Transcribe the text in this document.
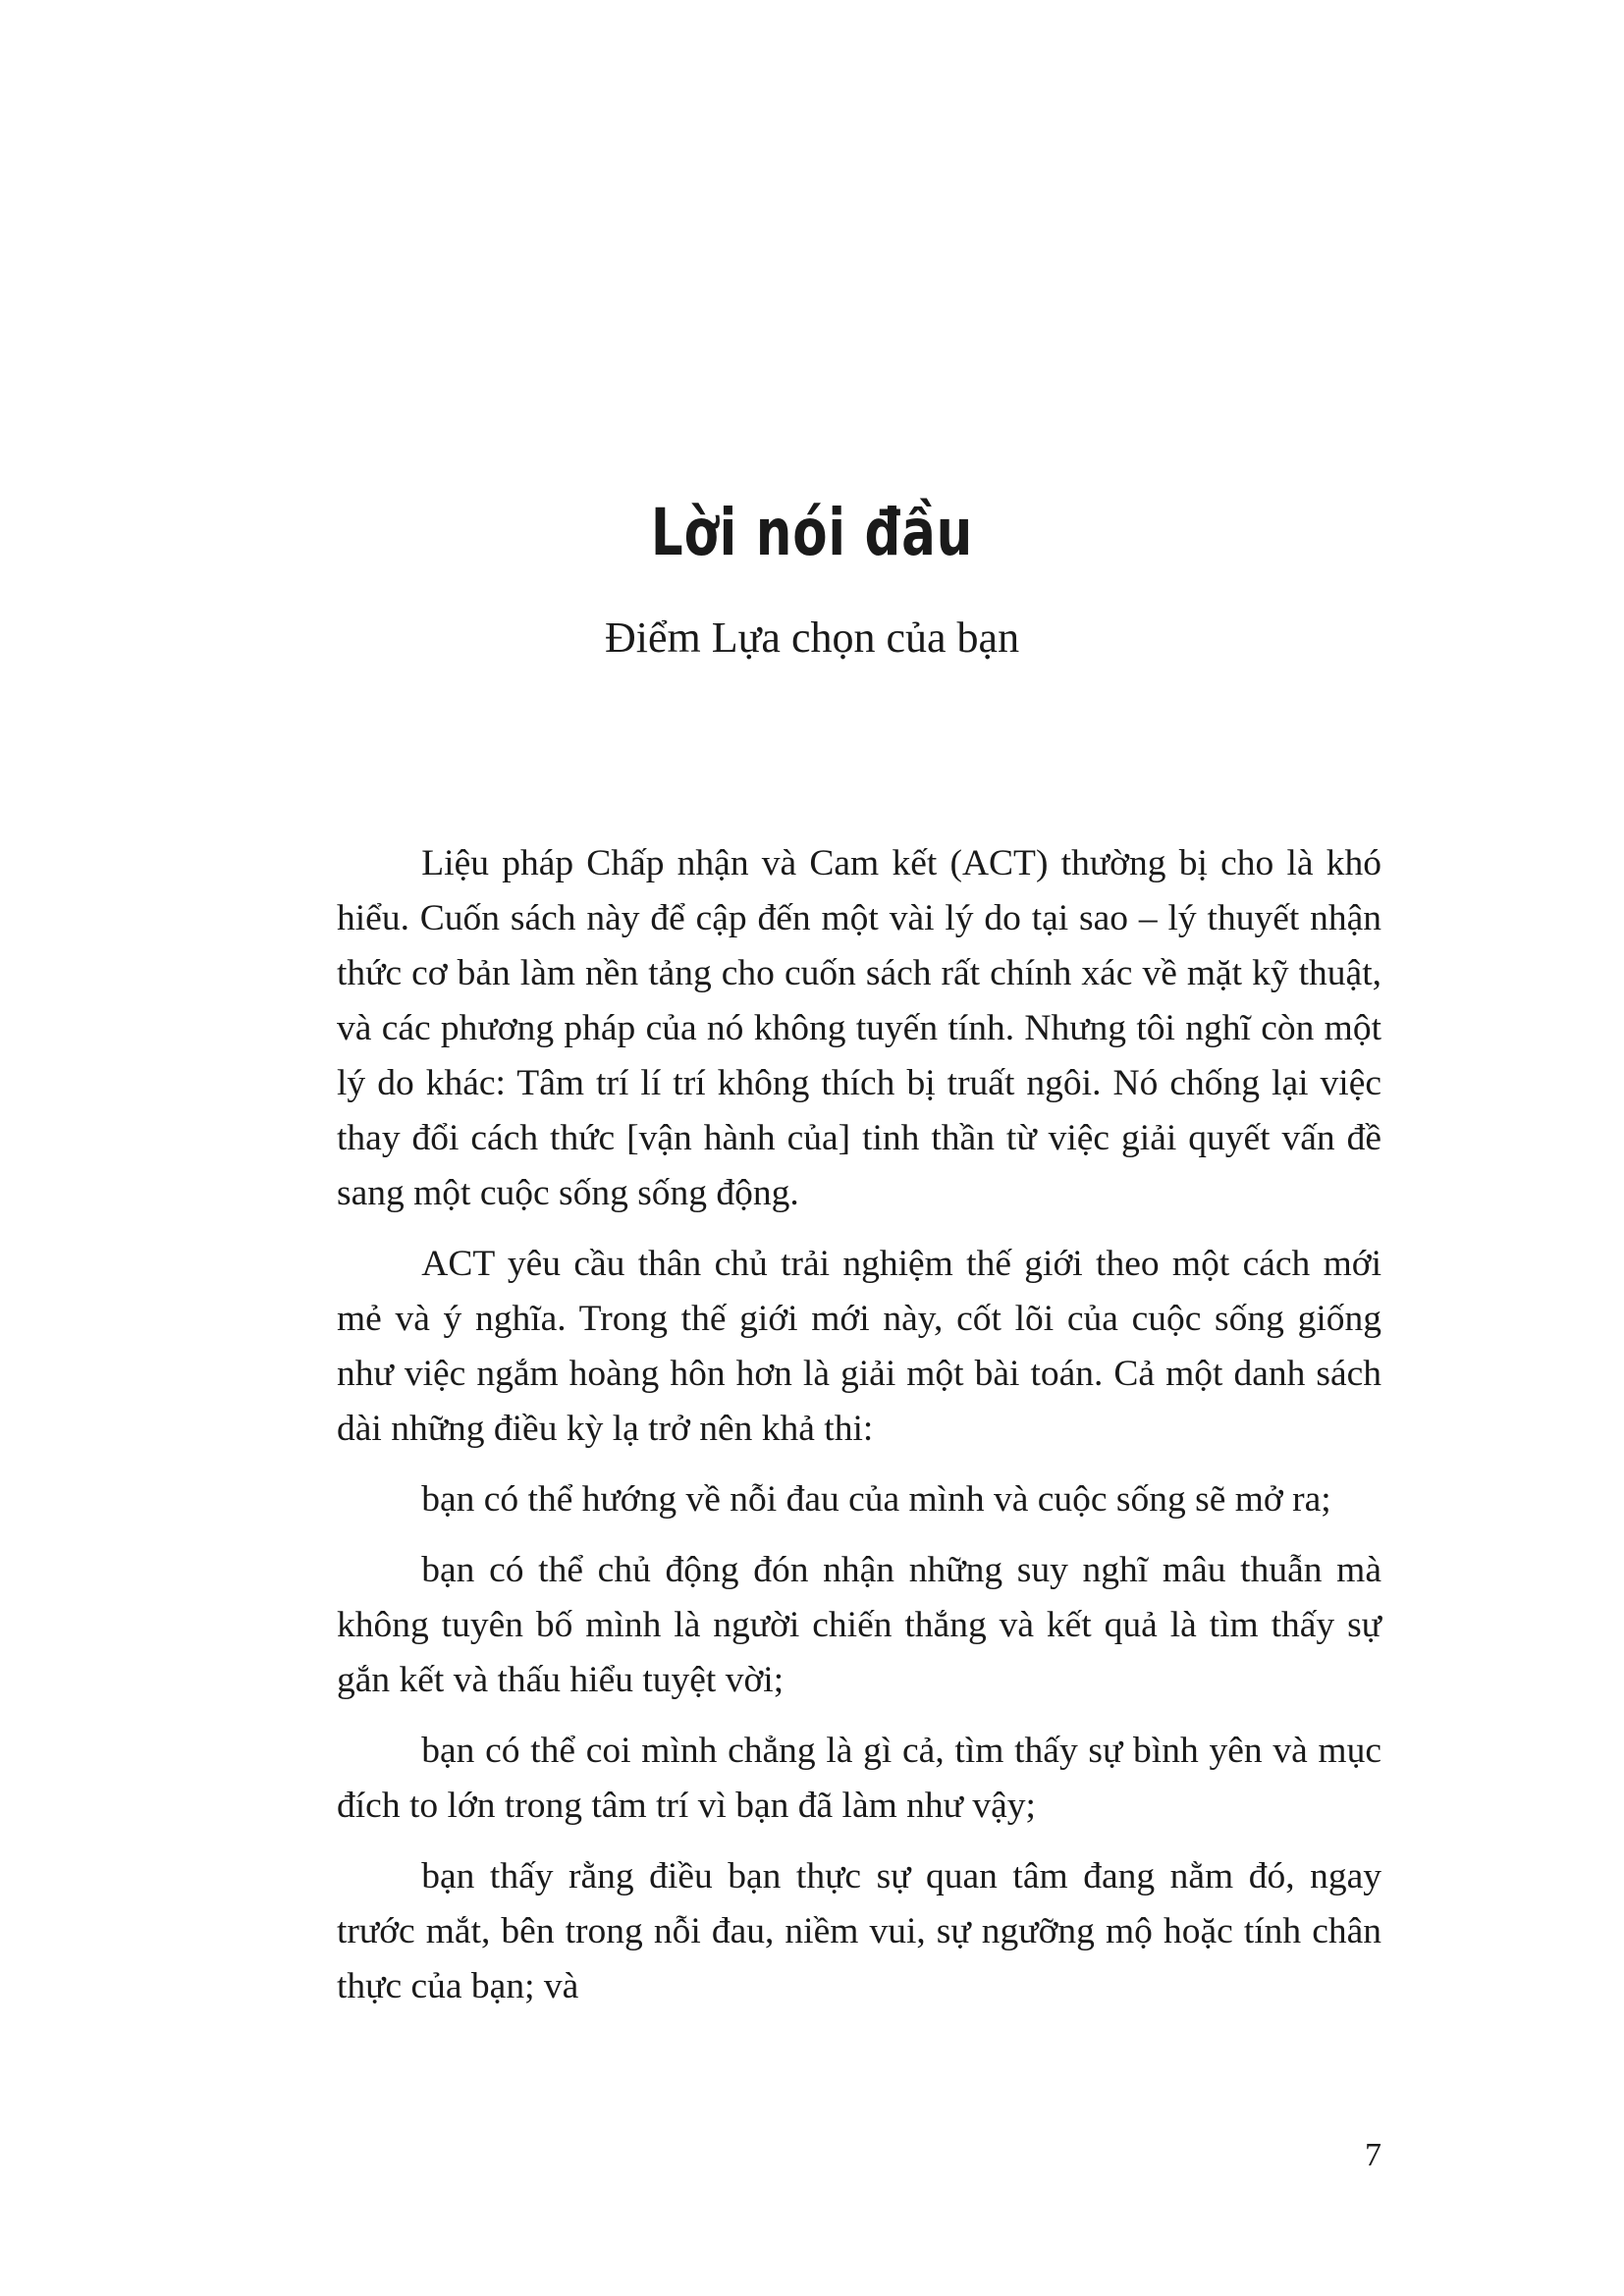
Lời nói đầu
Điểm Lựa chọn của bạn

Liệu pháp Chấp nhận và Cam kết (ACT) thường bị cho là khó hiểu. Cuốn sách này để cập đến một vài lý do tại sao – lý thuyết nhận thức cơ bản làm nền tảng cho cuốn sách rất chính xác về mặt kỹ thuật, và các phương pháp của nó không tuyến tính. Nhưng tôi nghĩ còn một lý do khác: Tâm trí lí trí không thích bị truất ngôi. Nó chống lại việc thay đổi cách thức [vận hành của] tinh thần từ việc giải quyết vấn đề sang một cuộc sống sống động.

ACT yêu cầu thân chủ trải nghiệm thế giới theo một cách mới mẻ và ý nghĩa. Trong thế giới mới này, cốt lõi của cuộc sống giống như việc ngắm hoàng hôn hơn là giải một bài toán. Cả một danh sách dài những điều kỳ lạ trở nên khả thi:

bạn có thể hướng về nỗi đau của mình và cuộc sống sẽ mở ra;

bạn có thể chủ động đón nhận những suy nghĩ mâu thuẫn mà không tuyên bố mình là người chiến thắng và kết quả là tìm thấy sự gắn kết và thấu hiểu tuyệt vời;

bạn có thể coi mình chẳng là gì cả, tìm thấy sự bình yên và mục đích to lớn trong tâm trí vì bạn đã làm như vậy;

bạn thấy rằng điều bạn thực sự quan tâm đang nằm đó, ngay trước mắt, bên trong nỗi đau, niềm vui, sự ngưỡng mộ hoặc tính chân thực của bạn; và

7
